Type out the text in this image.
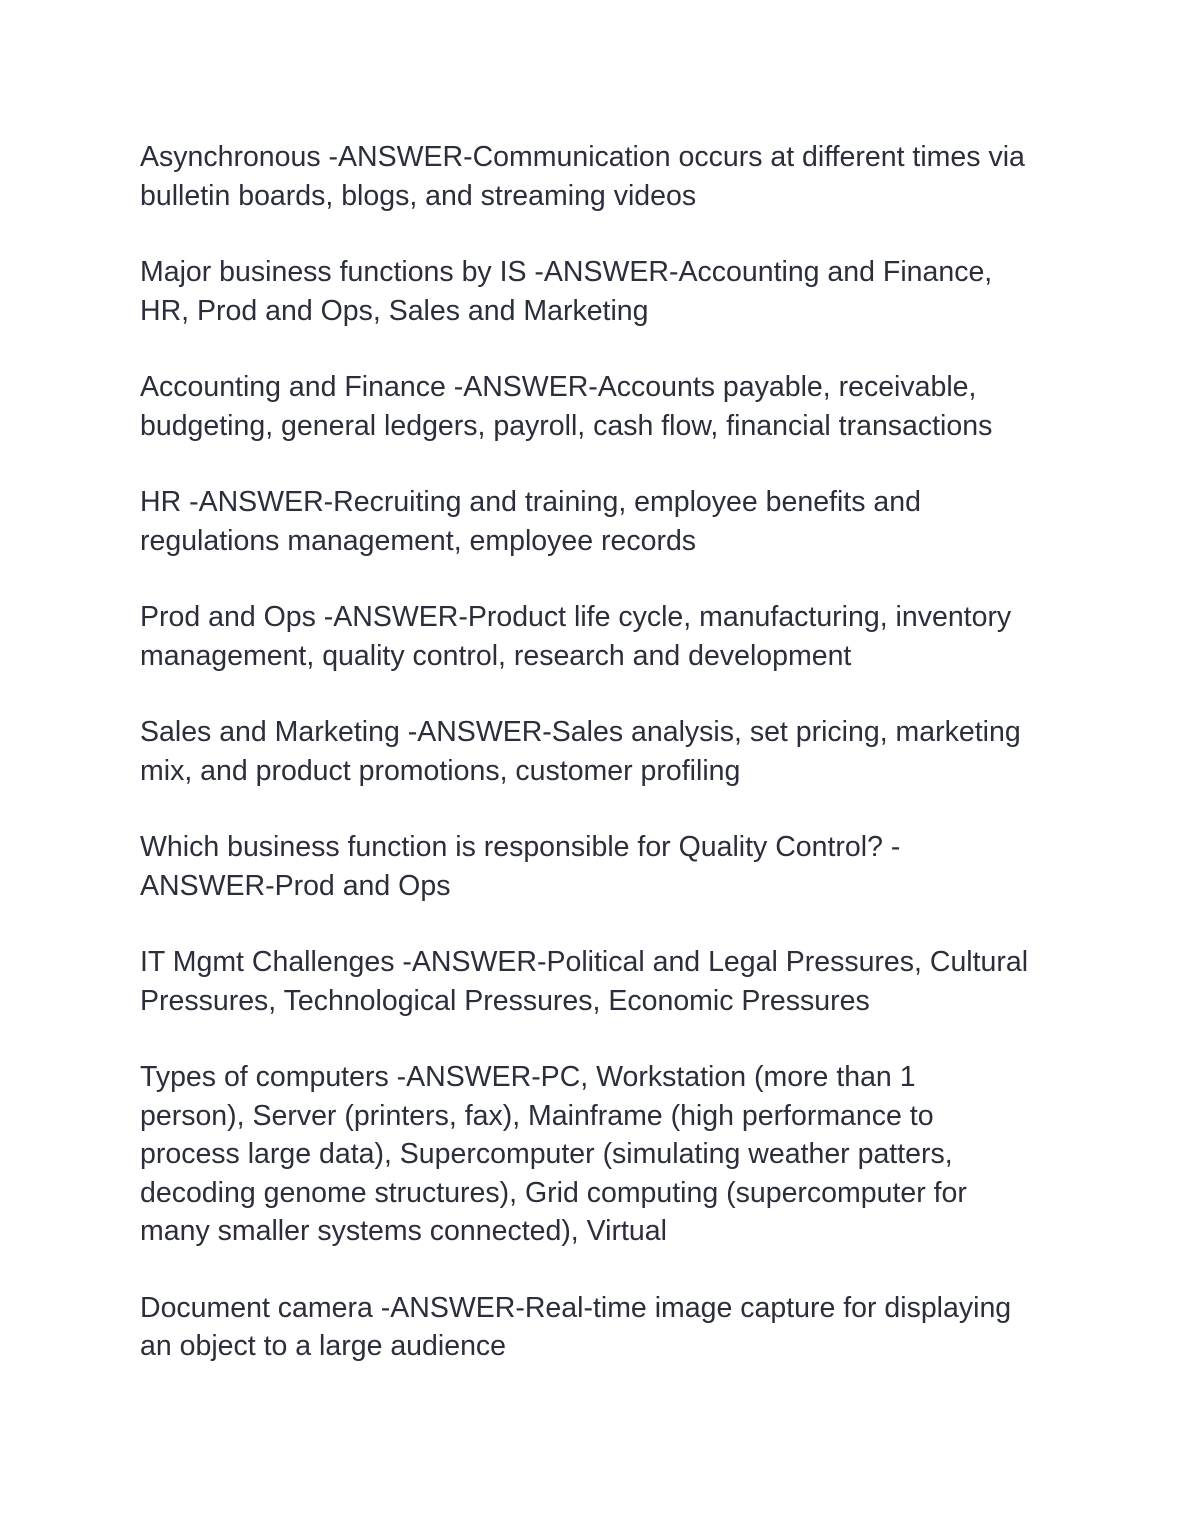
Asynchronous -ANSWER-Communication occurs at different times via
bulletin boards, blogs, and streaming videos

Major business functions by IS -ANSWER-Accounting and Finance,
HR, Prod and Ops, Sales and Marketing

Accounting and Finance -ANSWER-Accounts payable, receivable,
budgeting, general ledgers, payroll, cash flow, financial transactions

HR -ANSWER-Recruiting and training, employee benefits and
regulations management, employee records

Prod and Ops -ANSWER-Product life cycle, manufacturing, inventory
management, quality control, research and development

Sales and Marketing -ANSWER-Sales analysis, set pricing, marketing
mix, and product promotions, customer profiling

Which business function is responsible for Quality Control? -
ANSWER-Prod and Ops

IT Mgmt Challenges -ANSWER-Political and Legal Pressures, Cultural
Pressures, Technological Pressures, Economic Pressures

Types of computers -ANSWER-PC, Workstation (more than 1
person), Server (printers, fax), Mainframe (high performance to
process large data), Supercomputer (simulating weather patters,
decoding genome structures), Grid computing (supercomputer for
many smaller systems connected), Virtual

Document camera -ANSWER-Real-time image capture for displaying
an object to a large audience
